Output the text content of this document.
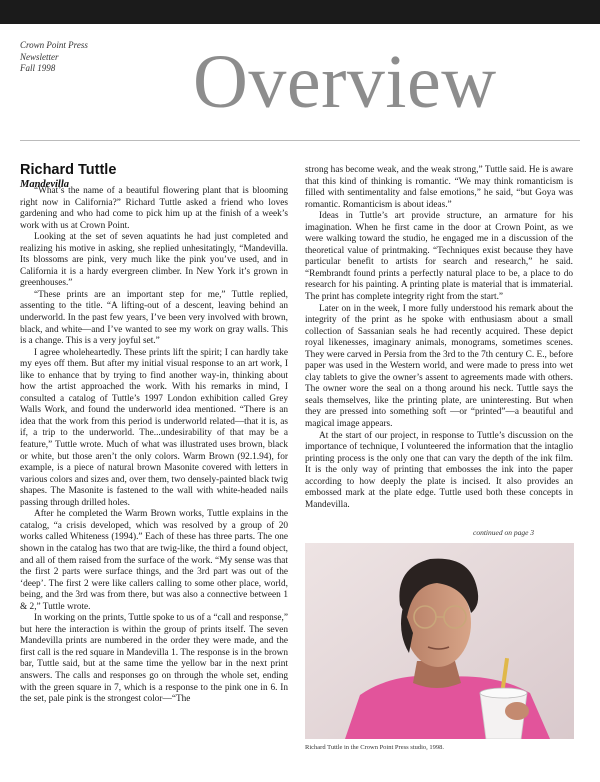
Crown Point Press
Newsletter
Fall 1998	Overview
Richard Tuttle
Mandevilla

“What’s the name of a beautiful flowering plant that is blooming right now in California?” Richard Tuttle asked a friend who loves gardening and who had come to pick him up at the finish of a week’s work with us at Crown Point.

Looking at the set of seven aquatints he had just completed and realizing his motive in asking, she replied unhesitatingly, “Mandevilla. Its blossoms are pink, very much like the pink you’ve used, and in California it is a hardy evergreen climber. In New York it’s grown in greenhouses.”

“These prints are an important step for me,” Tuttle replied, assenting to the title. “A lifting-out of a descent, leaving behind an underworld. In the past few years, I’ve been very involved with brown, black, and white—and I’ve wanted to see my work on gray walls. This is a change. This is a very joyful set.”

I agree wholeheartedly. These prints lift the spirit; I can hardly take my eyes off them. But after my initial visual response to an art work, I like to enhance that by trying to find another way-in, thinking about how the artist approached the work. With his remarks in mind, I consulted a catalog of Tuttle’s 1997 London exhibition called Grey Walls Work, and found the underworld idea mentioned. “There is an idea that the work from this period is underworld related—that it is, as if, a trip to the underworld. The...undesirability of that may be a feature,” Tuttle wrote. Much of what was illustrated uses brown, black or white, but those aren’t the only colors. Warm Brown (92.1.94), for example, is a piece of natural brown Masonite covered with letters in various colors and sizes and, over them, two densely-painted black twig shapes. The Masonite is fastened to the wall with white-headed nails passing through drilled holes.

After he completed the Warm Brown works, Tuttle explains in the catalog, “a crisis developed, which was resolved by a group of 20 works called Whiteness (1994).” Each of these has three parts. The one shown in the catalog has two that are twig-like, the third a found object, and all of them raised from the surface of the work. “My sense was that the first 2 parts were surface things, and the 3rd part was out of the ‘deep’. The first 2 were like callers calling to some other place, world, being, and the 3rd was from there, but was also a connective between 1 & 2,” Tuttle wrote.

In working on the prints, Tuttle spoke to us of a “call and response,” but here the interaction is within the group of prints itself. The seven Mandevilla prints are numbered in the order they were made, and the first call is the red square in Mandevilla 1. The response is in the brown bar, Tuttle said, but at the same time the yellow bar in the next print answers. The calls and responses go on through the whole set, ending with the green square in 7, which is a response to the pink one in 6. In the set, pale pink is the strongest color—“The

strong has become weak, and the weak strong,” Tuttle said. He is aware that this kind of thinking is romantic. “We may think romanticism is filled with sentimentality and false emotions,” he said, “but Goya was romantic. Romanticism is about ideas.”

Ideas in Tuttle’s art provide structure, an armature for his imagination. When he first came in the door at Crown Point, as we were walking toward the studio, he engaged me in a discussion of the theoretical value of printmaking. “Techniques exist because they have particular benefit to artists for search and research,” he said. “Rembrandt found prints a perfectly natural place to be, a place to do research for his painting. A printing plate is material that is immaterial. The print has complete integrity right from the start.”

Later on in the week, I more fully understood his remark about the integrity of the print as he spoke with enthusiasm about a small collection of Sassanian seals he had recently acquired. These depict royal likenesses, imaginary animals, monograms, sometimes scenes. They were carved in Persia from the 3rd to the 7th century C. E., before paper was used in the Western world, and were made to press into wet clay tablets to give the owner’s assent to agreements made with others. The owner wore the seal on a thong around his neck. Tuttle says the seals themselves, like the printing plate, are uninteresting. But when they are pressed into something soft —or “printed”—a beautiful and magical image appears.

At the start of our project, in response to Tuttle’s discussion on the importance of technique, I volunteered the information that the intaglio printing process is the only one that can vary the depth of the ink film. It is the only way of printing that embosses the ink into the paper according to how deeply the plate is incised. It also provides an embossed mark at the plate edge. Tuttle used both these concepts in Mandevilla.

continued on page 3
Richard Tuttle in the Crown Point Press studio, 1998.
